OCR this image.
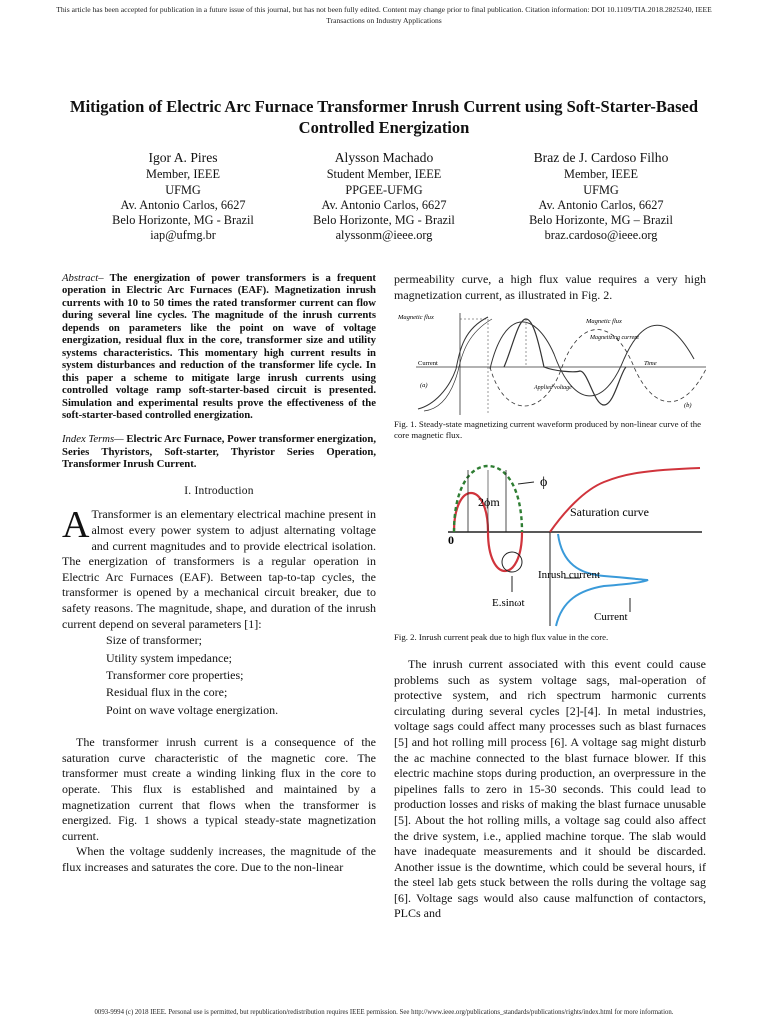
This article has been accepted for publication in a future issue of this journal, but has not been fully edited. Content may change prior to final publication. Citation information: DOI 10.1109/TIA.2018.2825240, IEEE
Transactions on Industry Applications
Mitigation of Electric Arc Furnace Transformer Inrush Current using Soft-Starter-Based Controlled Energization
Igor A. Pires
Member, IEEE
UFMG
Av. Antonio Carlos, 6627
Belo Horizonte, MG - Brazil
iap@ufmg.br
Alysson Machado
Student Member, IEEE
PPGEE-UFMG
Av. Antonio Carlos, 6627
Belo Horizonte, MG - Brazil
alyssonm@ieee.org
Braz de J. Cardoso Filho
Member, IEEE
UFMG
Av. Antonio Carlos, 6627
Belo Horizonte, MG – Brazil
braz.cardoso@ieee.org

Abstract– The energization of power transformers is a frequent operation in Electric Arc Furnaces (EAF). Magnetization inrush currents with 10 to 50 times the rated transformer current can flow during several line cycles. The magnitude of the inrush currents depends on parameters like the point on wave of voltage energization, residual flux in the core, transformer size and utility systems characteristics. This momentary high current results in system disturbances and reduction of the transformer life cycle. In this paper a scheme to mitigate large inrush currents using controlled voltage ramp soft-starter-based circuit is presented. Simulation and experimental results prove the effectiveness of the soft-starter-based controlled energization.

Index Terms— Electric Arc Furnace, Power transformer energization, Series Thyristors, Soft-starter, Thyristor Series Operation, Transformer Inrush Current.

I. Introduction

A Transformer is an elementary electrical machine present in almost every power system to adjust alternating voltage and current magnitudes and to provide electrical isolation. The energization of transformers is a regular operation in Electric Arc Furnaces (EAF). Between tap-to-tap cycles, the transformer is opened by a mechanical circuit breaker, due to safety reasons. The magnitude, shape, and duration of the inrush current depend on several parameters [1]:

Size of transformer;
Utility system impedance;
Transformer core properties;
Residual flux in the core;
Point on wave voltage energization.

The transformer inrush current is a consequence of the saturation curve characteristic of the magnetic core. The transformer must create a winding linking flux in the core to operate. This flux is established and maintained by a magnetization current that flows when the transformer is energized. Fig. 1 shows a typical steady-state magnetization current.

When the voltage suddenly increases, the magnitude of the flux increases and saturates the core. Due to the non-linear

permeability curve, a high flux value requires a very high magnetization current, as illustrated in Fig. 2.

Magnetic flux
Magnetic flux
Magnetizing current
Current	Time
Applied voltage
(a)
(b)

Fig. 1. Steady-state magnetizing current waveform produced by non-linear curve of the core magnetic flux.

ϕ
2ϕm
Saturation curve
Inrush current
E.sinωt
Current
0

Fig. 2. Inrush current peak due to high flux value in the core.

The inrush current associated with this event could cause problems such as system voltage sags, mal-operation of protective system, and rich spectrum harmonic currents circulating during several cycles [2]-[4]. In metal industries, voltage sags could affect many processes such as blast furnaces [5] and hot rolling mill process [6]. A voltage sag might disturb the ac machine connected to the blast furnace blower. If this electric machine stops during production, an overpressure in the pipelines falls to zero in 15-30 seconds. This could lead to production losses and risks of making the blast furnace unusable [5]. About the hot rolling mills, a voltage sag could also affect the drive system, i.e., applied machine torque. The slab would have inadequate measurements and it should be discarded. Another issue is the downtime, which could be several hours, if the steel lab gets stuck between the rolls during the voltage sag [6]. Voltage sags would also cause malfunction of contactors, PLCs and

0093-9994 (c) 2018 IEEE. Personal use is permitted, but republication/redistribution requires IEEE permission. See http://www.ieee.org/publications_standards/publications/rights/index.html for more information.
